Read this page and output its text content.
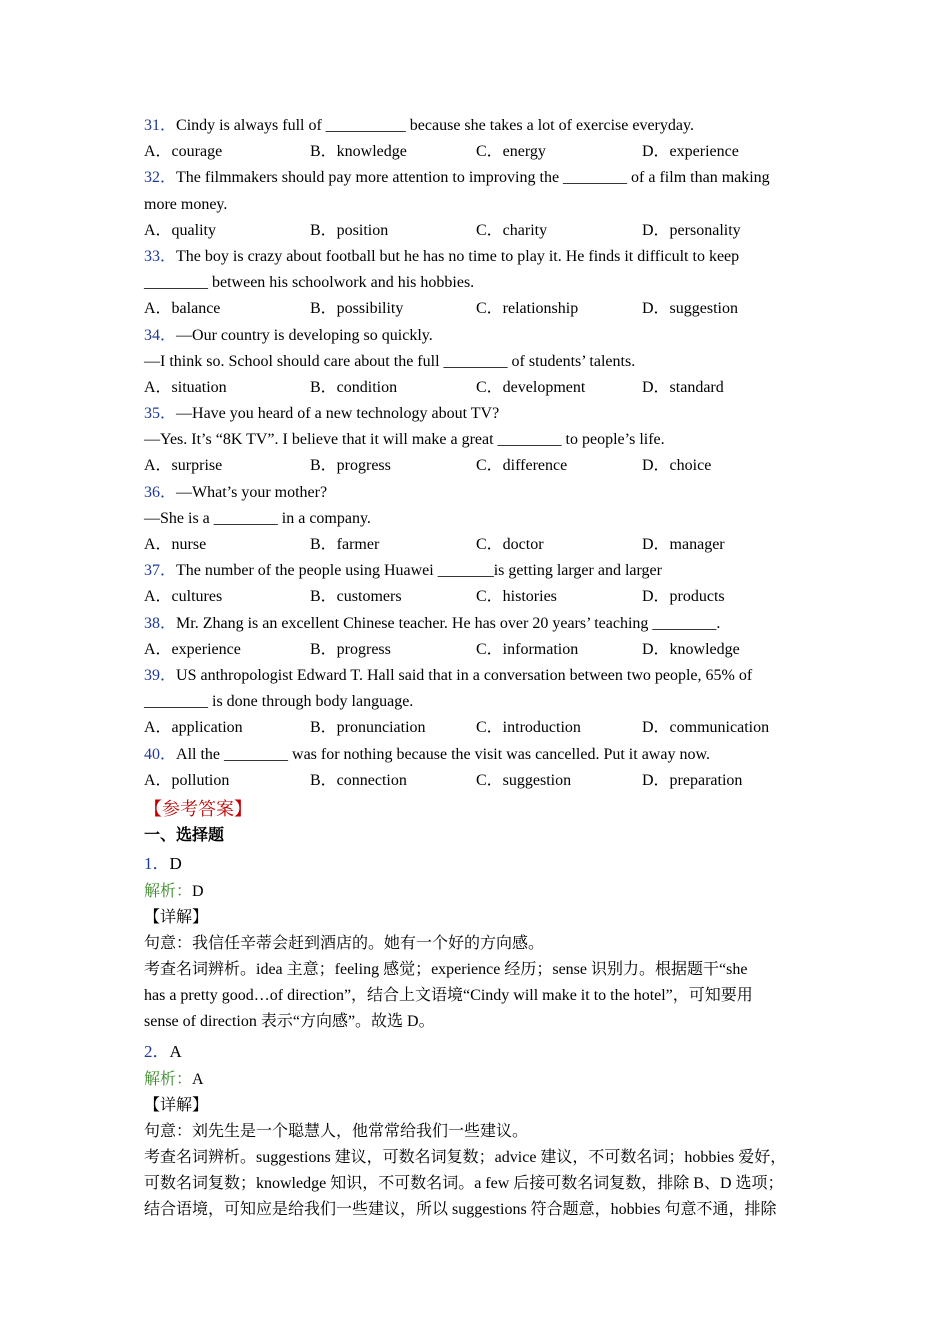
31．Cindy is always full of __________ because she takes a lot of exercise everyday.
A．courage	B．knowledge	C．energy	D．experience
32．The filmmakers should pay more attention to improving the ________ of a film than making
more money.
A．quality	B．position	C．charity	D．personality
33．The boy is crazy about football but he has no time to play it. He finds it difficult to keep
________ between his schoolwork and his hobbies.
A．balance	B．possibility	C．relationship	D．suggestion
34．—Our country is developing so quickly.
—I think so. School should care about the full ________ of students’ talents.
A．situation	B．condition	C．development	D．standard
35．—Have you heard of a new technology about TV?
—Yes. It’s “8K TV”. I believe that it will make a great ________ to people’s life.
A．surprise	B．progress	C．difference	D．choice
36．—What’s your mother?
—She is a ________ in a company.
A．nurse	B．farmer	C．doctor	D．manager
37．The number of the people using Huawei _______is getting larger and larger
A．cultures	B．customers	C．histories	D．products
38．Mr. Zhang is an excellent Chinese teacher. He has over 20 years’ teaching ________.
A．experience	B．progress	C．information	D．knowledge
39．US anthropologist Edward T. Hall said that in a conversation between two people, 65% of
________ is done through body language.
A．application	B．pronunciation	C．introduction	D．communication
40．All the ________ was for nothing because the visit was cancelled. Put it away now.
A．pollution	B．connection	C．suggestion	D．preparation
【参考答案】
一、选择题
1．D
解析：D
【详解】
句意：我信任辛蒂会赶到酒店的。她有一个好的方向感。
考查名词辨析。idea 主意；feeling 感觉；experience 经历；sense 识别力。根据题干“she
has a pretty good…of direction”，结合上文语境“Cindy will make it to the hotel”，可知要用
sense of direction 表示“方向感”。故选 D。
2．A
解析：A
【详解】
句意：刘先生是一个聪慧人，他常常给我们一些建议。
考查名词辨析。suggestions 建议，可数名词复数；advice 建议，不可数名词；hobbies 爱好，
可数名词复数；knowledge 知识，不可数名词。a few 后接可数名词复数，排除 B、D 选项；
结合语境，可知应是给我们一些建议，所以 suggestions 符合题意，hobbies 句意不通，排除
